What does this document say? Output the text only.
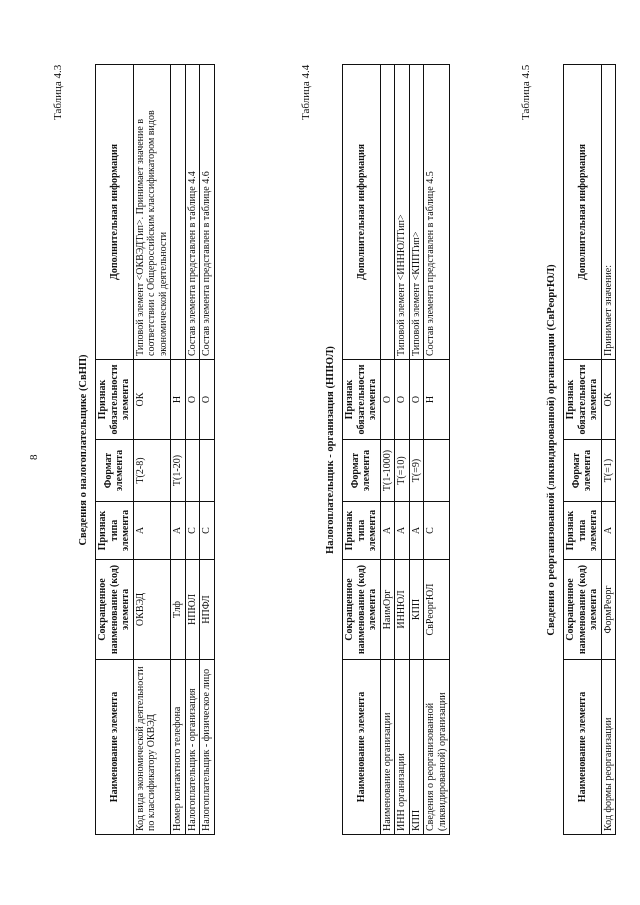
8
Таблица 4.3
Сведения о налогоплательщике (СвНП)
Наименование элемента	Сокращенное наименование (код) элемента	Признак типа элемента	Формат элемента	Признак обязательности элемента	Дополнительная информация
Код вида экономической деятельности по классификатору ОКВЭД	ОКВЭД	А	T(2-8)	ОК	Типовой элемент <ОКВЭДТип>. Принимает значение в соответствии с Общероссийским классификатором видов экономической деятельности
Номер контактного телефона	Тлф	А	T(1-20)	Н	
Налогоплательщик - организация	НПЮЛ	С		О	Состав элемента представлен в таблице 4.4
Налогоплательщик - физическое лицо	НПФЛ	С		О	Состав элемента представлен в таблице 4.6
Таблица 4.4
Налогоплательщик - организация (НПЮЛ)
Наименование элемента	Сокращенное наименование (код) элемента	Признак типа элемента	Формат элемента	Признак обязательности элемента	Дополнительная информация
Наименование организации	НаимОрг	А	T(1-1000)	О	
ИНН организации	ИННЮЛ	А	T(=10)	О	Типовой элемент <ИННЮЛТип>
КПП	КПП	А	T(=9)	О	Типовой элемент <КППТип>
Сведения о реорганизованной (ликвидированной) организации	СвРеоргЮЛ	С		Н	Состав элемента представлен в таблице 4.5
Таблица 4.5
Сведения о реорганизованной (ликвидированной) организации (СвРеоргЮЛ)
Наименование элемента	Сокращенное наименование (код) элемента	Признак типа элемента	Формат элемента	Признак обязательности элемента	Дополнительная информация
Код формы реорганизации	ФормРеорг	А	T(=1)	ОК	Принимает значение:
